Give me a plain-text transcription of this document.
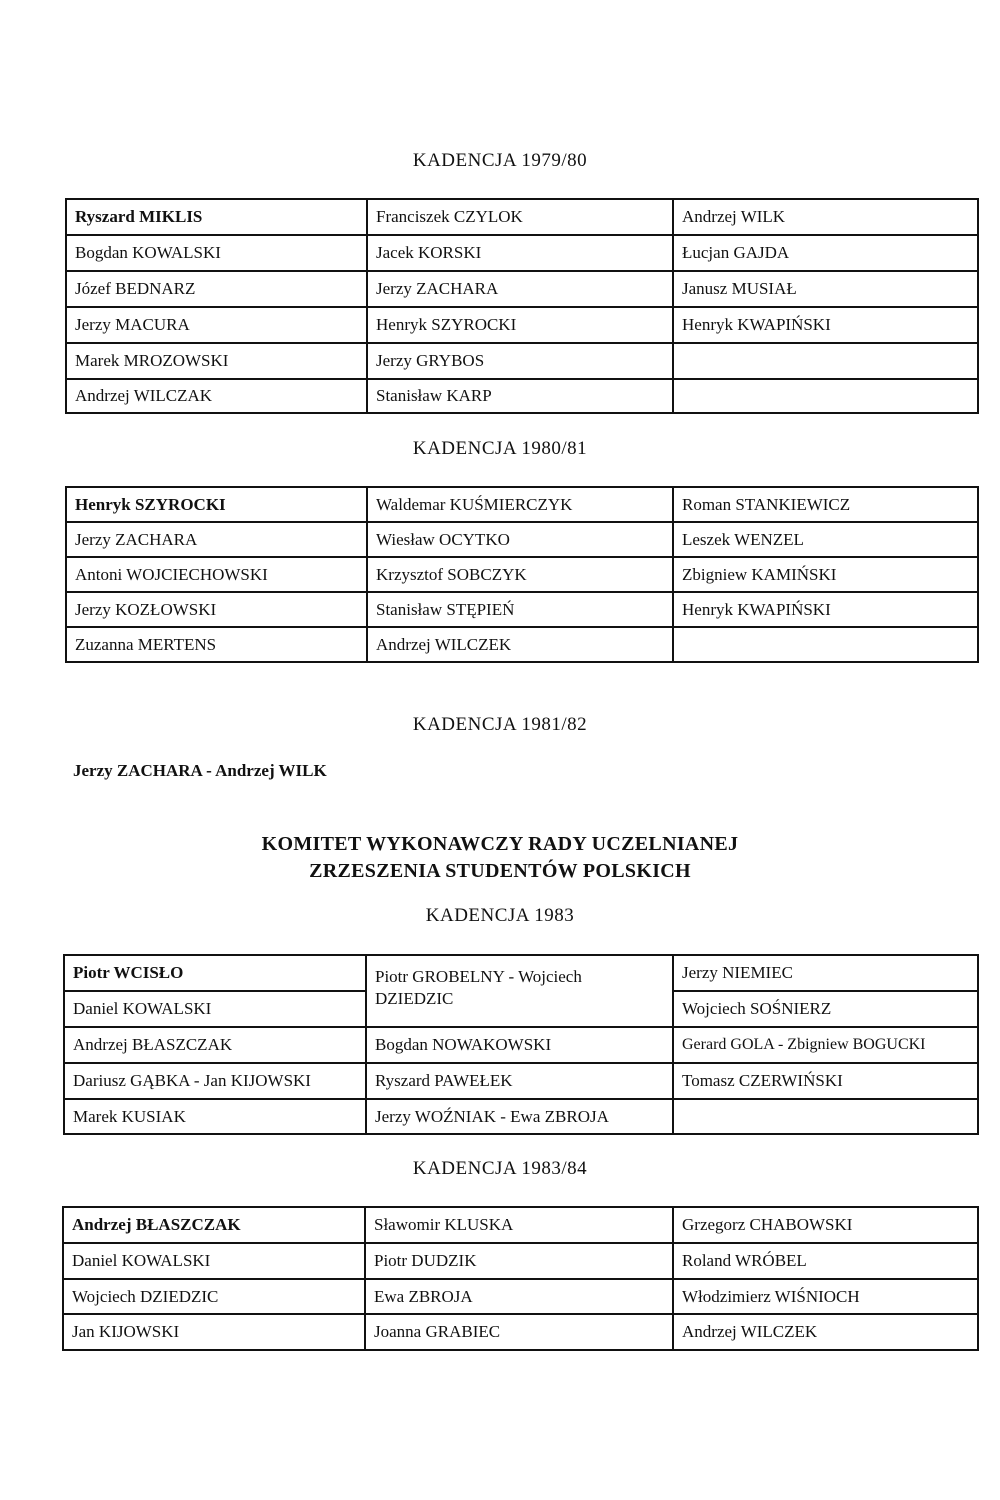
KADENCJA 1979/80
Ryszard MIKLIS	Franciszek CZYLOK	Andrzej WILK
Bogdan KOWALSKI	Jacek KORSKI	Łucjan GAJDA
Józef BEDNARZ	Jerzy ZACHARA	Janusz MUSIAŁ
Jerzy MACURA	Henryk SZYROCKI	Henryk KWAPIŃSKI
Marek MROZOWSKI	Jerzy GRYBOS	
Andrzej WILCZAK	Stanisław KARP	
KADENCJA 1980/81
Henryk SZYROCKI	Waldemar KUŚMIERCZYK	Roman STANKIEWICZ
Jerzy ZACHARA	Wiesław OCYTKO	Leszek WENZEL
Antoni WOJCIECHOWSKI	Krzysztof SOBCZYK	Zbigniew KAMIŃSKI
Jerzy KOZŁOWSKI	Stanisław STĘPIEŃ	Henryk KWAPIŃSKI
Zuzanna MERTENS	Andrzej WILCZEK	
KADENCJA 1981/82
Jerzy ZACHARA - Andrzej WILK
KOMITET WYKONAWCZY RADY UCZELNIANEJ
ZRZESZENIA STUDENTÓW POLSKICH
KADENCJA 1983
Piotr WCISŁO	Piotr GROBELNY - Wojciech DZIEDZIC	Jerzy NIEMIEC
Daniel KOWALSKI		Wojciech SOŚNIERZ
Andrzej BŁASZCZAK	Bogdan NOWAKOWSKI	Gerard GOLA - Zbigniew BOGUCKI
Dariusz GĄBKA - Jan KIJOWSKI	Ryszard PAWEŁEK	Tomasz CZERWIŃSKI
Marek KUSIAK	Jerzy WOŹNIAK - Ewa ZBROJA	
KADENCJA 1983/84
Andrzej BŁASZCZAK	Sławomir KLUSKA	Grzegorz CHABOWSKI
Daniel KOWALSKI	Piotr DUDZIK	Roland WRÓBEL
Wojciech DZIEDZIC	Ewa ZBROJA	Włodzimierz WIŚNIOCH
Jan KIJOWSKI	Joanna GRABIEC	Andrzej WILCZEK
